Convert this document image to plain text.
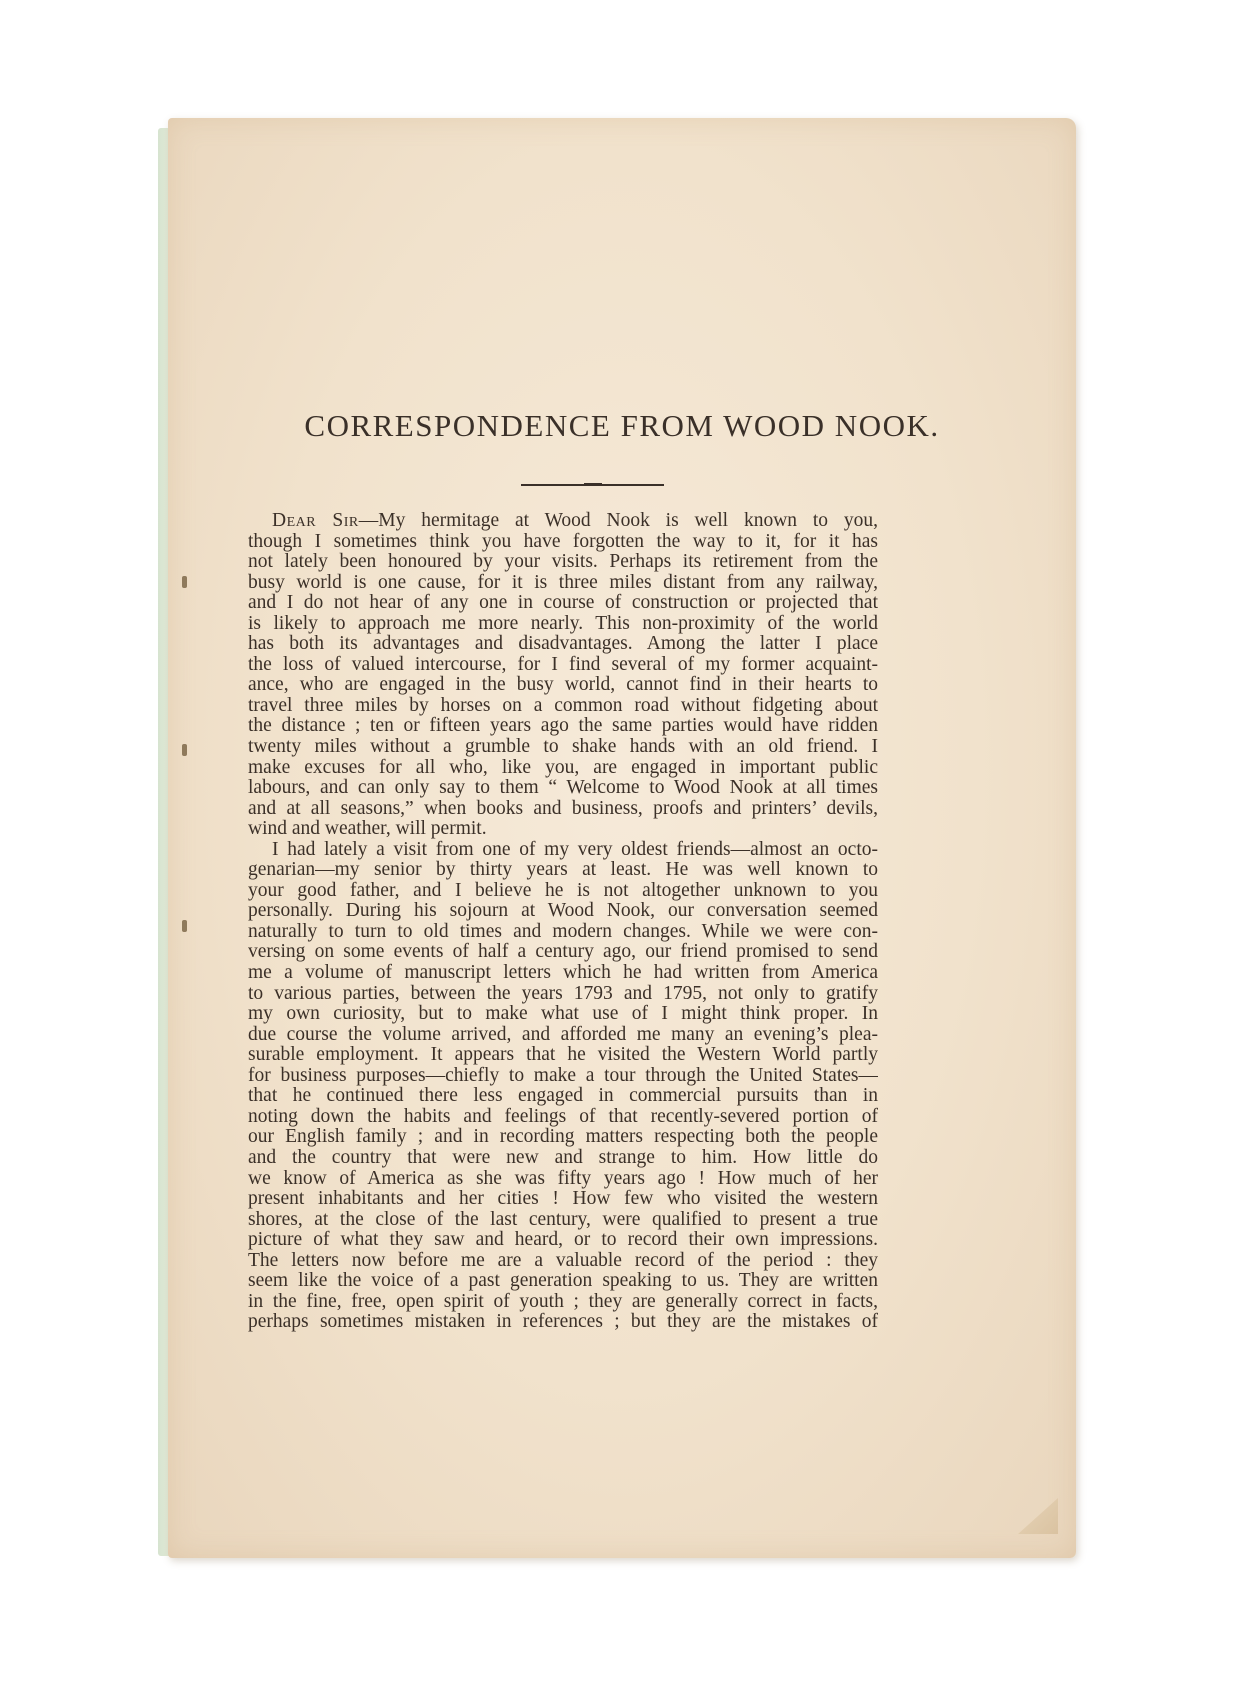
CORRESPONDENCE FROM WOOD NOOK.
Dear Sir—My hermitage at Wood Nook is well known to you,
though I sometimes think you have forgotten the way to it, for it has
not lately been honoured by your visits. Perhaps its retirement from the
busy world is one cause, for it is three miles distant from any railway,
and I do not hear of any one in course of construction or projected that
is likely to approach me more nearly. This non-proximity of the world
has both its advantages and disadvantages. Among the latter I place
the loss of valued intercourse, for I find several of my former acquaint-
ance, who are engaged in the busy world, cannot find in their hearts to
travel three miles by horses on a common road without fidgeting about
the distance ; ten or fifteen years ago the same parties would have ridden
twenty miles without a grumble to shake hands with an old friend. I
make excuses for all who, like you, are engaged in important public
labours, and can only say to them “ Welcome to Wood Nook at all times
and at all seasons,” when books and business, proofs and printers’ devils,
wind and weather, will permit.
I had lately a visit from one of my very oldest friends—almost an octo-
genarian—my senior by thirty years at least. He was well known to
your good father, and I believe he is not altogether unknown to you
personally. During his sojourn at Wood Nook, our conversation seemed
naturally to turn to old times and modern changes. While we were con-
versing on some events of half a century ago, our friend promised to send
me a volume of manuscript letters which he had written from America
to various parties, between the years 1793 and 1795, not only to gratify
my own curiosity, but to make what use of I might think proper. In
due course the volume arrived, and afforded me many an evening’s plea-
surable employment. It appears that he visited the Western World partly
for business purposes—chiefly to make a tour through the United States—
that he continued there less engaged in commercial pursuits than in
noting down the habits and feelings of that recently-severed portion of
our English family ; and in recording matters respecting both the people
and the country that were new and strange to him. How little do
we know of America as she was fifty years ago ! How much of her
present inhabitants and her cities ! How few who visited the western
shores, at the close of the last century, were qualified to present a true
picture of what they saw and heard, or to record their own impressions.
The letters now before me are a valuable record of the period : they
seem like the voice of a past generation speaking to us. They are written
in the fine, free, open spirit of youth ; they are generally correct in facts,
perhaps sometimes mistaken in references ; but they are the mistakes of
